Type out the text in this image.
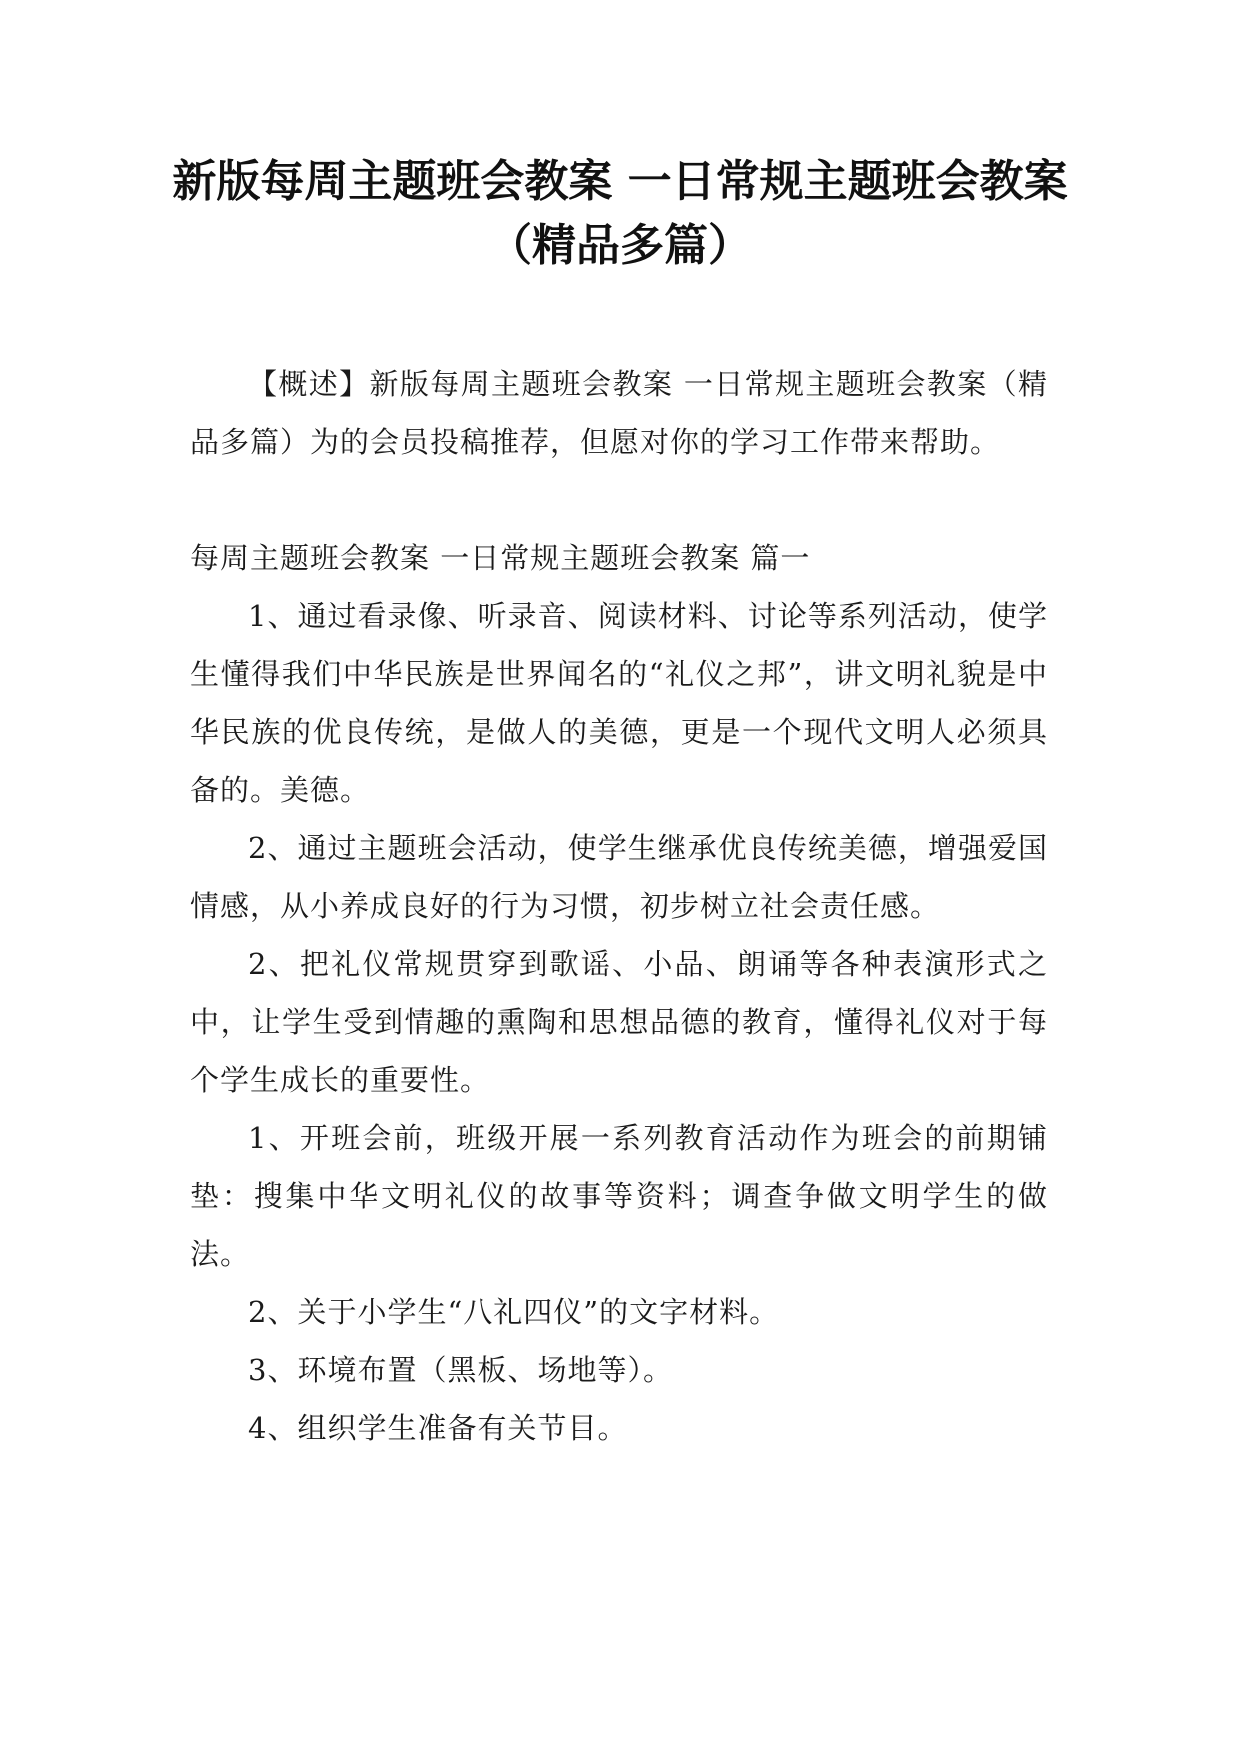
新版每周主题班会教案 一日常规主题班会教案（精品多篇）

【概述】新版每周主题班会教案 一日常规主题班会教案（精品多篇）为的会员投稿推荐，但愿对你的学习工作带来帮助。

每周主题班会教案 一日常规主题班会教案 篇一

1、通过看录像、听录音、阅读材料、讨论等系列活动，使学生懂得我们中华民族是世界闻名的“礼仪之邦”，讲文明礼貌是中华民族的优良传统，是做人的美德，更是一个现代文明人必须具备的。美德。

2、通过主题班会活动，使学生继承优良传统美德，增强爱国情感，从小养成良好的行为习惯，初步树立社会责任感。

2、把礼仪常规贯穿到歌谣、小品、朗诵等各种表演形式之中，让学生受到情趣的熏陶和思想品德的教育，懂得礼仪对于每个学生成长的重要性。

1、开班会前，班级开展一系列教育活动作为班会的前期铺垫：搜集中华文明礼仪的故事等资料；调查争做文明学生的做法。

2、关于小学生“八礼四仪”的文字材料。

3、环境布置（黑板、场地等）。

4、组织学生准备有关节目。
